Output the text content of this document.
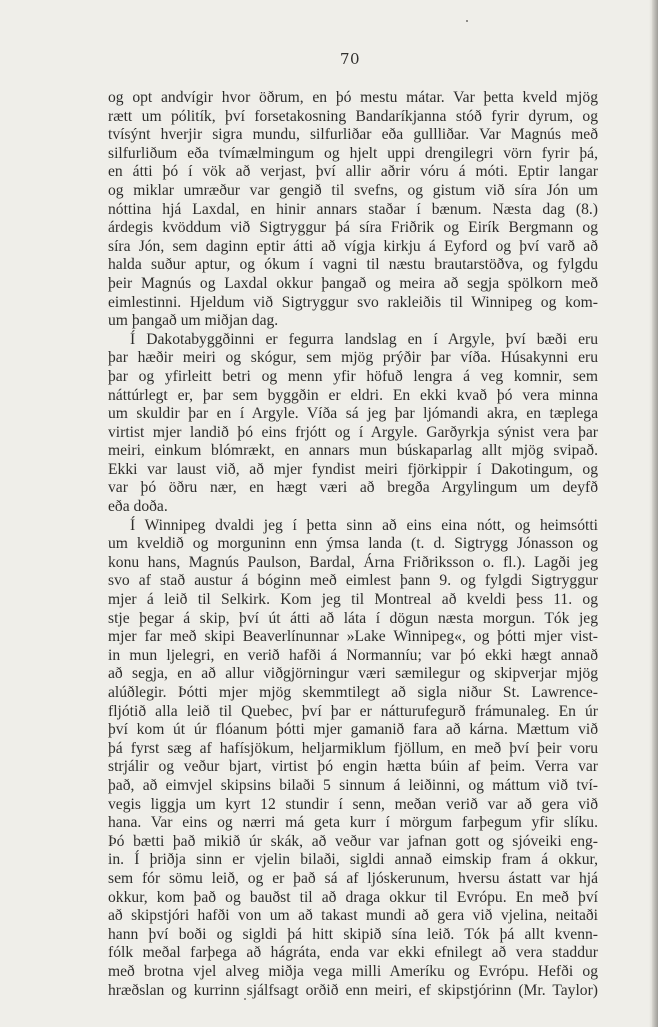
70
og opt andvígir hvor öðrum, en þó mestu mátar. Var þetta kveld mjög
rætt um pólitík, því forsetakosning Bandaríkjanna stóð fyrir dyrum, og
tvísýnt hverjir sigra mundu, silfurliðar eða gullliðar. Var Magnús með
silfurliðum eða tvímælmingum og hjelt uppi drengilegri vörn fyrir þá,
en átti þó í vök að verjast, því allir aðrir vóru á móti. Eptir langar
og miklar umræður var gengið til svefns, og gistum við síra Jón um
nóttina hjá Laxdal, en hinir annars staðar í bænum. Næsta dag (8.)
árdegis kvöddum við Sigtryggur þá síra Friðrik og Eirík Bergmann og
síra Jón, sem daginn eptir átti að vígja kirkju á Eyford og því varð að
halda suður aptur, og ókum í vagni til næstu brautarstöðva, og fylgdu
þeir Magnús og Laxdal okkur þangað og meira að segja spölkorn með
eimlestinni. Hjeldum við Sigtryggur svo rakleiðis til Winnipeg og kom-
um þangað um miðjan dag.
Í Dakotabyggðinni er fegurra landslag en í Argyle, því bæði eru
þar hæðir meiri og skógur, sem mjög prýðir þar víða. Húsakynni eru
þar og yfirleitt betri og menn yfir höfuð lengra á veg komnir, sem
náttúrlegt er, þar sem byggðin er eldri. En ekki kvað þó vera minna
um skuldir þar en í Argyle. Víða sá jeg þar ljómandi akra, en tæplega
virtist mjer landið þó eins frjótt og í Argyle. Garðyrkja sýnist vera þar
meiri, einkum blómrækt, en annars mun búskaparlag allt mjög svipað.
Ekki var laust við, að mjer fyndist meiri fjörkippir í Dakotingum, og
var þó öðru nær, en hægt væri að bregða Argylingum um deyfð
eða doða.
Í Winnipeg dvaldi jeg í þetta sinn að eins eina nótt, og heimsótti
um kveldið og morguninn enn ýmsa landa (t. d. Sigtrygg Jónasson og
konu hans, Magnús Paulson, Bardal, Árna Friðriksson o. fl.). Lagði jeg
svo af stað austur á bóginn með eimlest þann 9. og fylgdi Sigtryggur
mjer á leið til Selkirk. Kom jeg til Montreal að kveldi þess 11. og
stje þegar á skip, því út átti að láta í dögun næsta morgun. Tók jeg
mjer far með skipi Beaverlínunnar »Lake Winnipeg«, og þótti mjer vist-
in mun ljelegri, en verið hafði á Normanníu; var þó ekki hægt annað
að segja, en að allur viðgjörningur væri sæmilegur og skipverjar mjög
alúðlegir. Þótti mjer mjög skemmtilegt að sigla niður St. Lawrence-
fljótið alla leið til Quebec, því þar er nátturufegurð frámunaleg. En úr
því kom út úr flóanum þótti mjer gamanið fara að kárna. Mættum við
þá fyrst sæg af hafísjökum, heljarmiklum fjöllum, en með því þeir voru
strjálir og veður bjart, virtist þó engin hætta búin af þeim. Verra var
það, að eimvjel skipsins bilaði 5 sinnum á leiðinni, og máttum við tví-
vegis liggja um kyrt 12 stundir í senn, meðan verið var að gera við
hana. Var eins og nærri má geta kurr í mörgum farþegum yfir slíku.
Þó bætti það mikið úr skák, að veður var jafnan gott og sjóveiki eng-
in. Í þriðja sinn er vjelin bilaði, sigldi annað eimskip fram á okkur,
sem fór sömu leið, og er það sá af ljóskerunum, hversu ástatt var hjá
okkur, kom það og bauðst til að draga okkur til Evrópu. En með því
að skipstjóri hafði von um að takast mundi að gera við vjelina, neitaði
hann því boði og sigldi þá hitt skipið sína leið. Tók þá allt kvenn-
fólk meðal farþega að hágráta, enda var ekki efnilegt að vera staddur
með brotna vjel alveg miðja vega milli Ameríku og Evrópu. Hefði og
hræðslan og kurrinn sjálfsagt orðið enn meiri, ef skipstjórinn (Mr. Taylor)
